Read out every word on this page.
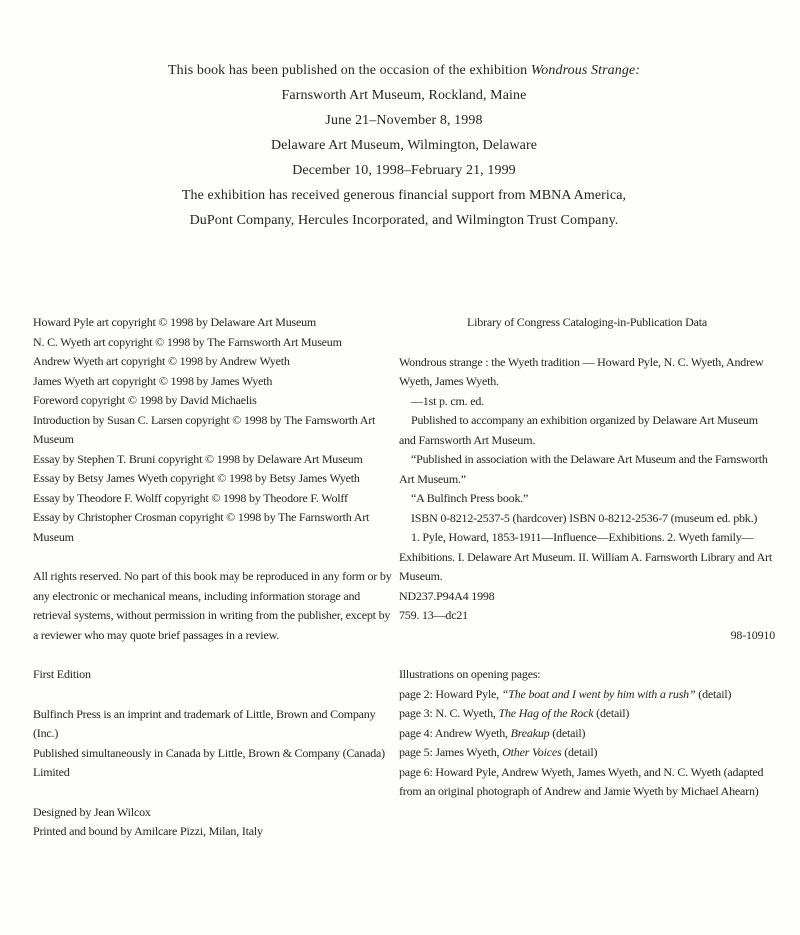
This book has been published on the occasion of the exhibition Wondrous Strange:
Farnsworth Art Museum, Rockland, Maine
June 21–November 8, 1998
Delaware Art Museum, Wilmington, Delaware
December 10, 1998–February 21, 1999
The exhibition has received generous financial support from MBNA America,
DuPont Company, Hercules Incorporated, and Wilmington Trust Company.
Howard Pyle art copyright © 1998 by Delaware Art Museum
N. C. Wyeth art copyright © 1998 by The Farnsworth Art Museum
Andrew Wyeth art copyright © 1998 by Andrew Wyeth
James Wyeth art copyright © 1998 by James Wyeth
Foreword copyright © 1998 by David Michaelis
Introduction by Susan C. Larsen copyright © 1998 by The Farnsworth Art Museum
Essay by Stephen T. Bruni copyright © 1998 by Delaware Art Museum
Essay by Betsy James Wyeth copyright © 1998 by Betsy James Wyeth
Essay by Theodore F. Wolff copyright © 1998 by Theodore F. Wolff
Essay by Christopher Crosman copyright © 1998 by The Farnsworth Art Museum
All rights reserved. No part of this book may be reproduced in any form or by any electronic or mechanical means, including information storage and retrieval systems, without permission in writing from the publisher, except by a reviewer who may quote brief passages in a review.
First Edition
Bulfinch Press is an imprint and trademark of Little, Brown and Company (Inc.)
Published simultaneously in Canada by Little, Brown & Company (Canada) Limited
Designed by Jean Wilcox
Printed and bound by Amilcare Pizzi, Milan, Italy
Library of Congress Cataloging-in-Publication Data
Wondrous strange : the Wyeth tradition — Howard Pyle, N. C. Wyeth, Andrew Wyeth, James Wyeth.
—1st p. cm. ed.
Published to accompany an exhibition organized by Delaware Art Museum and Farnsworth Art Museum.
“Published in association with the Delaware Art Museum and the Farnsworth Art Museum.”
“A Bulfinch Press book.”
ISBN 0-8212-2537-5 (hardcover) ISBN 0-8212-2536-7 (museum ed. pbk.)
1. Pyle, Howard, 1853-1911—Influence—Exhibitions. 2. Wyeth family—Exhibitions. I. Delaware Art Museum. II. William A. Farnsworth Library and Art Museum.
ND237.P94A4 1998
759. 13—dc21
98-10910
Illustrations on opening pages:
page 2: Howard Pyle, “The boat and I went by him with a rush” (detail)
page 3: N. C. Wyeth, The Hag of the Rock (detail)
page 4: Andrew Wyeth, Breakup (detail)
page 5: James Wyeth, Other Voices (detail)
page 6: Howard Pyle, Andrew Wyeth, James Wyeth, and N. C. Wyeth (adapted from an original photograph of Andrew and Jamie Wyeth by Michael Ahearn)
